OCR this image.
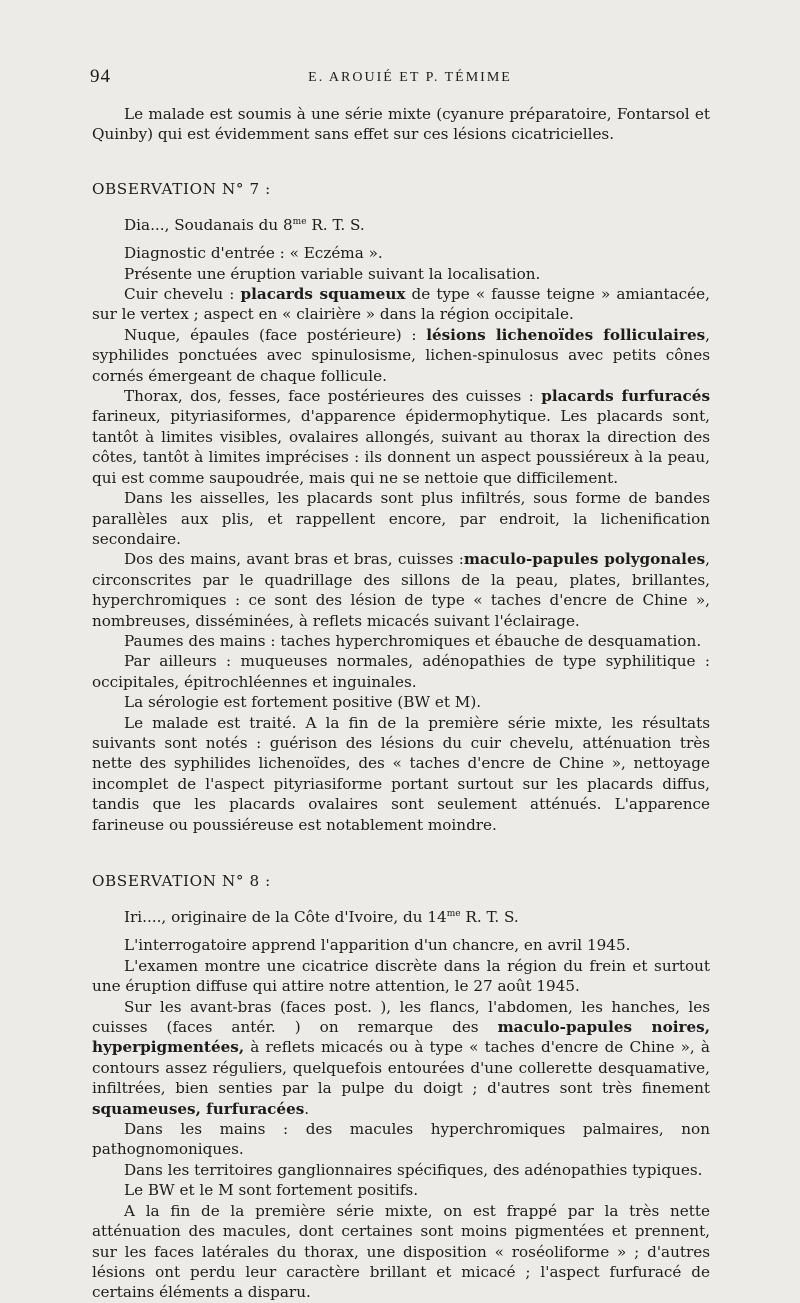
94	E. AROUIÉ ET P. TÉMIME

Le malade est soumis à une série mixte (cyanure préparatoire, Fontarsol et Quinby) qui est évidemment sans effet sur ces lésions cicatricielles.

OBSERVATION N° 7 :

Dia..., Soudanais du $8^{me}$ R. T. S.

Diagnostic d'entrée : « Eczéma ».

Présente une éruption variable suivant la localisation.

Cuir chevelu : placards squameux de type « fausse teigne » amiantacée, sur le vertex ; aspect en « clairière » dans la région occipitale.

Nuque, épaules (face postérieure) : lésions lichenoïdes folliculaires, syphilides ponctuées avec spinulosisme, lichen-spinulosus avec petits cônes cornés émergeant de chaque follicule.

Thorax, dos, fesses, face postérieures des cuisses : placards furfuracés farineux, pityriasiformes, d'apparence épidermophytique. Les placards sont, tantôt à limites visibles, ovalaires allongés, suivant au thorax la direction des côtes, tantôt à limites imprécises : ils donnent un aspect poussiéreux à la peau, qui est comme saupoudrée, mais qui ne se nettoie que difficilement.

Dans les aisselles, les placards sont plus infiltrés, sous forme de bandes parallèles aux plis, et rappellent encore, par endroit, la lichenification secondaire.

Dos des mains, avant bras et bras, cuisses :maculo-papules polygonales, circonscrites par le quadrillage des sillons de la peau, plates, brillantes, hyperchromiques : ce sont des lésion de type « taches d'encre de Chine », nombreuses, disséminées, à reflets micacés suivant l'éclairage.

Paumes des mains : taches hyperchromiques et ébauche de desquamation.

Par ailleurs : muqueuses normales, adénopathies de type syphilitique : occipitales, épitrochléennes et inguinales.

La sérologie est fortement positive (BW et M).

Le malade est traité. A la fin de la première série mixte, les résultats suivants sont notés : guérison des lésions du cuir chevelu, atténuation très nette des syphilides lichenoïdes, des « taches d'encre de Chine », nettoyage incomplet de l'aspect pityriasiforme portant surtout sur les placards diffus, tandis que les placards ovalaires sont seulement atténués. L'apparence farineuse ou poussiéreuse est notablement moindre.

OBSERVATION N° 8 :

Iri...., originaire de la Côte d'Ivoire, du $14^{me}$ R. T. S.

L'interrogatoire apprend l'apparition d'un chancre, en avril 1945.

L'examen montre une cicatrice discrète dans la région du frein et surtout une éruption diffuse qui attire notre attention, le 27 août 1945.

Sur les avant-bras (faces post. ), les flancs, l'abdomen, les hanches, les cuisses (faces antér. ) on remarque des maculo-papules noires, hyperpigmentées, à reflets micacés ou à type « taches d'encre de Chine », à contours assez réguliers, quelquefois entourées d'une collerette desquamative, infiltrées, bien senties par la pulpe du doigt ; d'autres sont très finement squameuses, furfuracées.

Dans les mains : des macules hyperchromiques palmaires, non pathognomoniques.

Dans les territoires ganglionnaires spécifiques, des adénopathies typiques.

Le BW et le M sont fortement positifs.

A la fin de la première série mixte, on est frappé par la très nette atténuation des macules, dont certaines sont moins pigmentées et prennent, sur les faces latérales du thorax, une disposition « roséoliforme » ; d'autres lésions ont perdu leur caractère brillant et micacé ; l'aspect furfuracé de certains éléments a disparu.
